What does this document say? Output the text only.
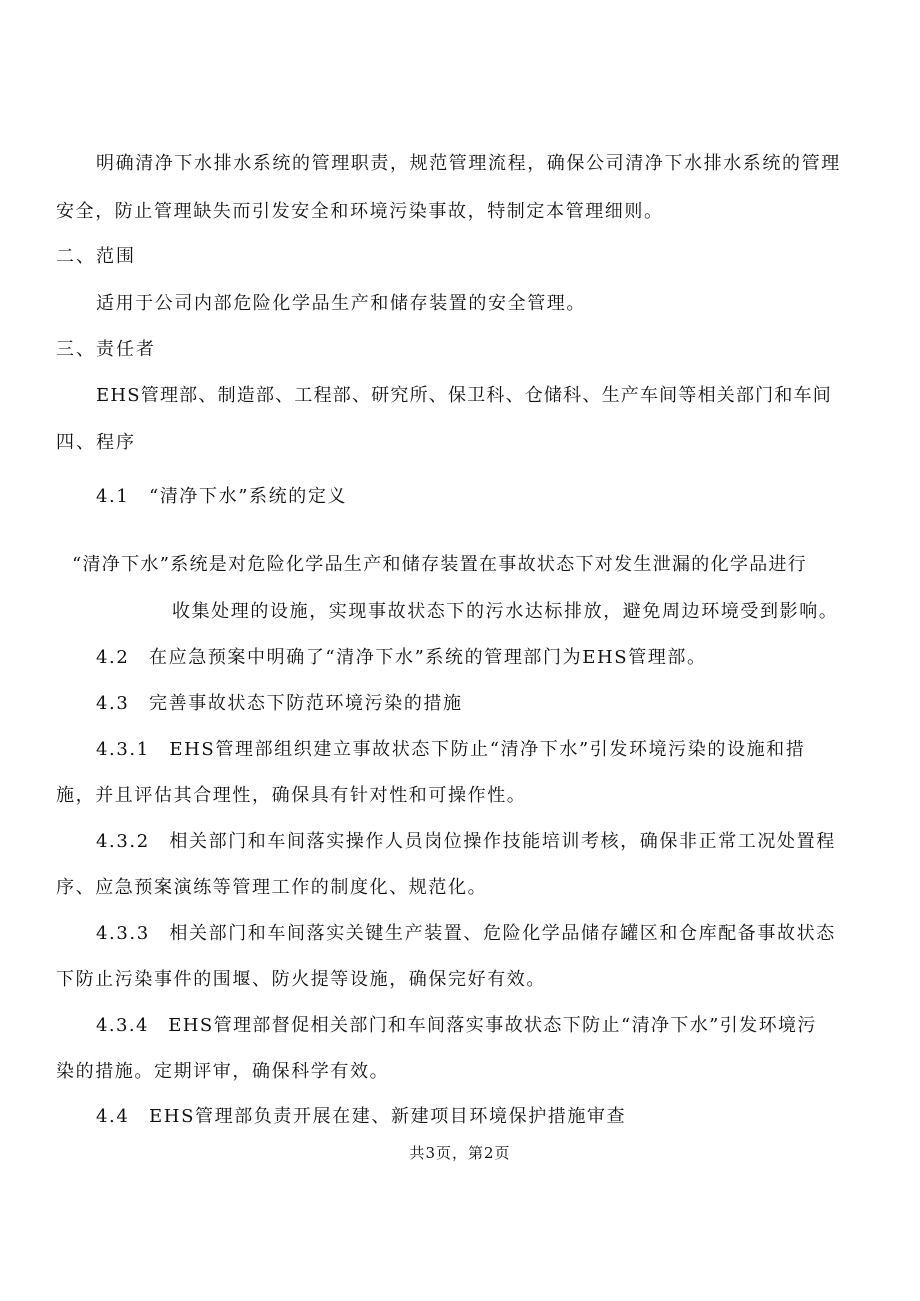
明确清净下水排水系统的管理职责，规范管理流程，确保公司清净下水排水系统的管理
安全，防止管理缺失而引发安全和环境污染事故，特制定本管理细则。
二、范围
适用于公司内部危险化学品生产和储存装置的安全管理。
三、责任者
EHS管理部、制造部、工程部、研究所、保卫科、仓储科、生产车间等相关部门和车间
四、程序
4.1　“清净下水”系统的定义
“清净下水”系统是对危险化学品生产和储存装置在事故状态下对发生泄漏的化学品进行
收集处理的设施，实现事故状态下的污水达标排放，避免周边环境受到影响。
4.2　在应急预案中明确了“清净下水”系统的管理部门为EHS管理部。
4.3　完善事故状态下防范环境污染的措施
4.3.1　EHS管理部组织建立事故状态下防止“清净下水”引发环境污染的设施和措
施，并且评估其合理性，确保具有针对性和可操作性。
4.3.2　相关部门和车间落实操作人员岗位操作技能培训考核，确保非正常工况处置程
序、应急预案演练等管理工作的制度化、规范化。
4.3.3　相关部门和车间落实关键生产装置、危险化学品储存罐区和仓库配备事故状态
下防止污染事件的围堰、防火提等设施，确保完好有效。
4.3.4　EHS管理部督促相关部门和车间落实事故状态下防止“清净下水”引发环境污
染的措施。定期评审，确保科学有效。
4.4　EHS管理部负责开展在建、新建项目环境保护措施审查
共3页，第2页
